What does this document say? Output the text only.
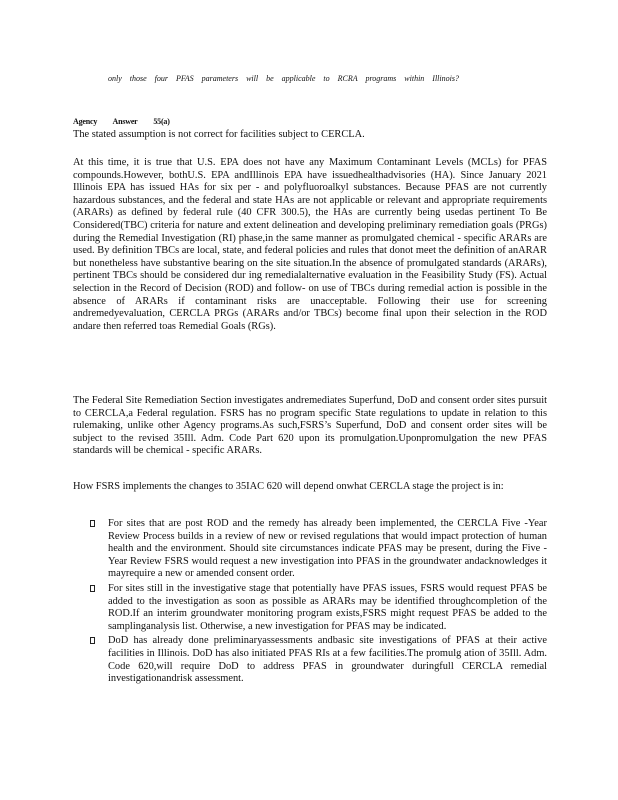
only those four PFAS parameters will be applicable to RCRA programs within Illinois?
Agency Answer 55(a)
The stated assumption is not correct for facilities subject to CERCLA.
At this time, it is true that U.S. EPA does not have any Maximum Contaminant Levels (MCLs) for PFAS compounds.However, bothU.S. EPA andIllinois EPA have issuedhealthadvisories (HA). Since January 2021 Illinois EPA has issued HAs for six per - and polyfluoroalkyl substances. Because PFAS are not currently hazardous substances, and the federal and state HAs are not applicable or relevant and appropriate requirements (ARARs) as defined by federal rule (40 CFR 300.5), the HAs are currently being usedas pertinent To Be Considered(TBC) criteria for nature and extent delineation and developing preliminary remediation goals (PRGs) during the Remedial Investigation (RI) phase,in the same manner as promulgated chemical - specific ARARs are used. By definition TBCs are local, state, and federal policies and rules that donot meet the definition of anARAR but nonetheless have substantive bearing on the site situation.In the absence of promulgated standards (ARARs), pertinent TBCs should be considered dur ing remedialalternative evaluation in the Feasibility Study (FS). Actual selection in the Record of Decision (ROD) and follow- on use of TBCs during remedial action is possible in the absence of ARARs if contaminant risks are unacceptable. Following their use for screening andremedyevaluation, CERCLA PRGs (ARARs and/or TBCs) become final upon their selection in the ROD andare then referred toas Remedial Goals (RGs).
The Federal Site Remediation Section investigates andremediates Superfund, DoD and consent order sites pursuit to CERCLA,a Federal regulation. FSRS has no program specific State regulations to update in relation to this rulemaking, unlike other Agency programs.As such,FSRS’s Superfund, DoD and consent order sites will be subject to the revised 35Ill. Adm. Code Part 620 upon its promulgation.Uponpromulgation the new PFAS standards will be chemical - specific ARARs.
How FSRS implements the changes to 35IAC 620 will depend onwhat CERCLA stage the project is in:
For sites that are post ROD and the remedy has already been implemented, the CERCLA Five -Year Review Process builds in a review of new or revised regulations that would impact protection of human health and the environment. Should site circumstances indicate PFAS may be present, during the Five -Year Review FSRS would request a new investigation into PFAS in the groundwater andacknowledges it mayrequire a new or amended consent order.
For sites still in the investigative stage that potentially have PFAS issues, FSRS would request PFAS be added to the investigation as soon as possible as ARARs may be identified throughcompletion of the ROD.If an interim groundwater monitoring program exists,FSRS might request PFAS be added to the samplinganalysis list. Otherwise, a new investigation for PFAS may be indicated.
DoD has already done preliminaryassessments andbasic site investigations of PFAS at their active facilities in Illinois. DoD has also initiated PFAS RIs at a few facilities.The promulg ation of 35Ill. Adm. Code 620,will require DoD to address PFAS in groundwater duringfull CERCLA remedial investigationandrisk assessment.
